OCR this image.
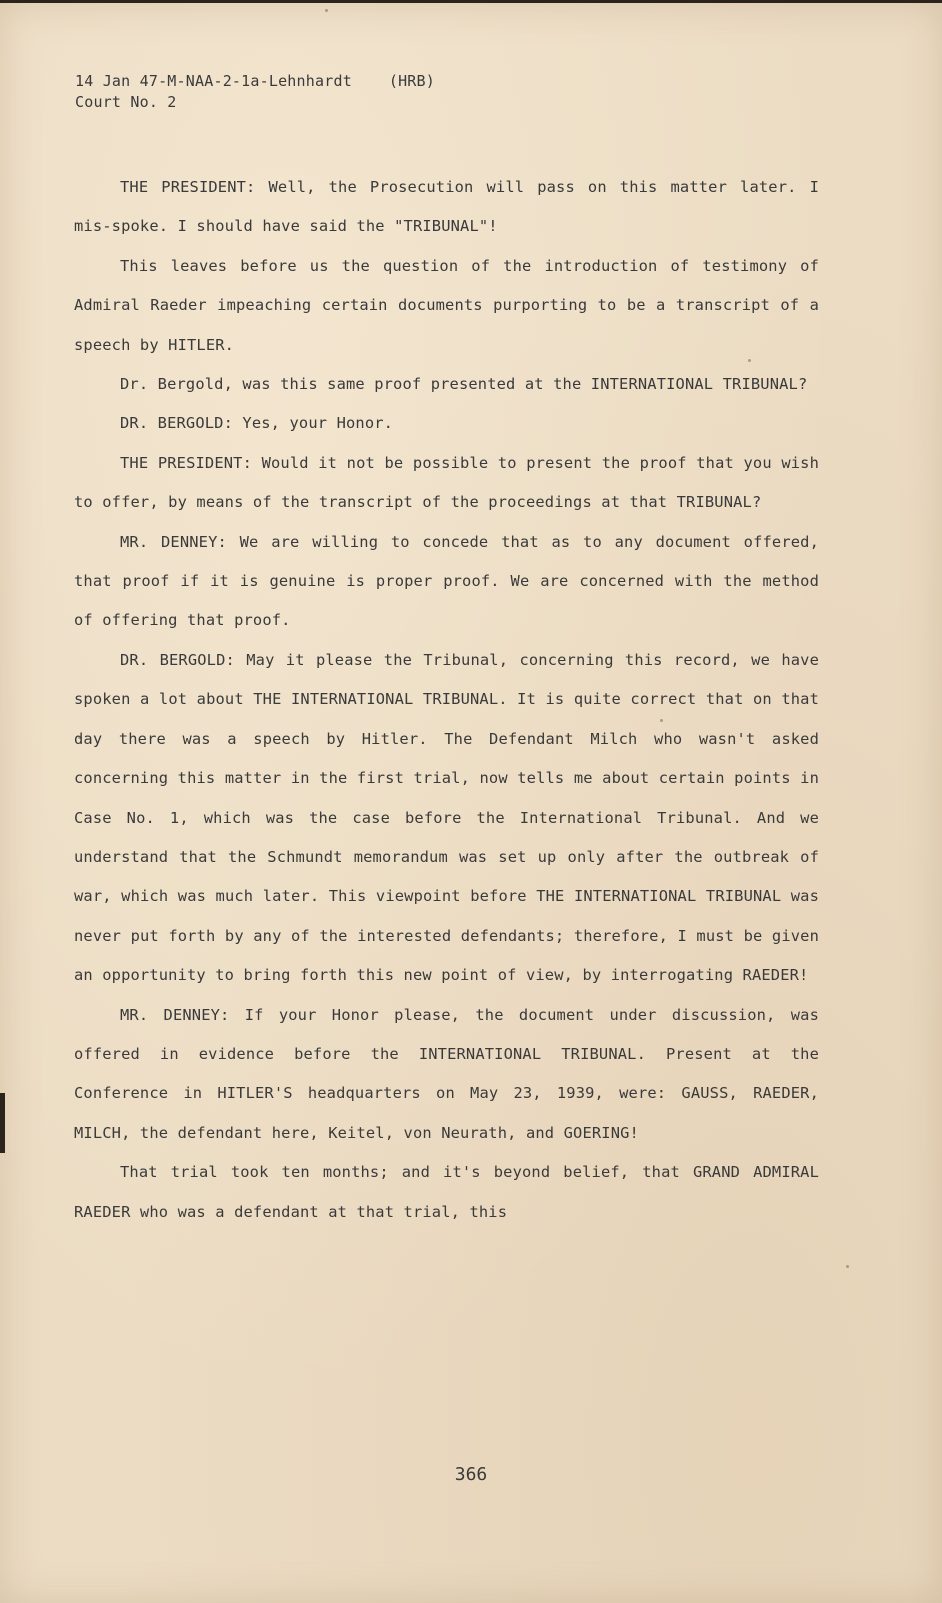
14 Jan 47-M-NAA-2-1a-Lehnhardt    (HRB)
Court No. 2

THE PRESIDENT: Well, the Prosecution will pass on this matter later. I mis-spoke. I should have said the "TRIBUNAL"!

This leaves before us the question of the introduction of testimony of Admiral Raeder impeaching certain documents purporting to be a transcript of a speech by HITLER.

Dr. Bergold, was this same proof presented at the INTERNATIONAL TRIBUNAL?

DR. BERGOLD: Yes, your Honor.

THE PRESIDENT: Would it not be possible to present the proof that you wish to offer, by means of the transcript of the proceedings at that TRIBUNAL?

MR. DENNEY: We are willing to concede that as to any document offered, that proof if it is genuine is proper proof. We are concerned with the method of offering that proof.

DR. BERGOLD: May it please the Tribunal, concerning this record, we have spoken a lot about THE INTERNATIONAL TRIBUNAL. It is quite correct that on that day there was a speech by Hitler. The Defendant Milch who wasn't asked concerning this matter in the first trial, now tells me about certain points in Case No. 1, which was the case before the International Tribunal. And we understand that the Schmundt memorandum was set up only after the outbreak of war, which was much later. This viewpoint before THE INTERNATIONAL TRIBUNAL was never put forth by any of the interested defendants; therefore, I must be given an opportunity to bring forth this new point of view, by interrogating RAEDER!

MR. DENNEY: If your Honor please, the document under discussion, was offered in evidence before the INTERNATIONAL TRIBUNAL. Present at the Conference in HITLER'S headquarters on May 23, 1939, were: GAUSS, RAEDER, MILCH, the defendant here, Keitel, von Neurath, and GOERING!

That trial took ten months; and it's beyond belief, that GRAND ADMIRAL RAEDER who was a defendant at that trial, this

366
